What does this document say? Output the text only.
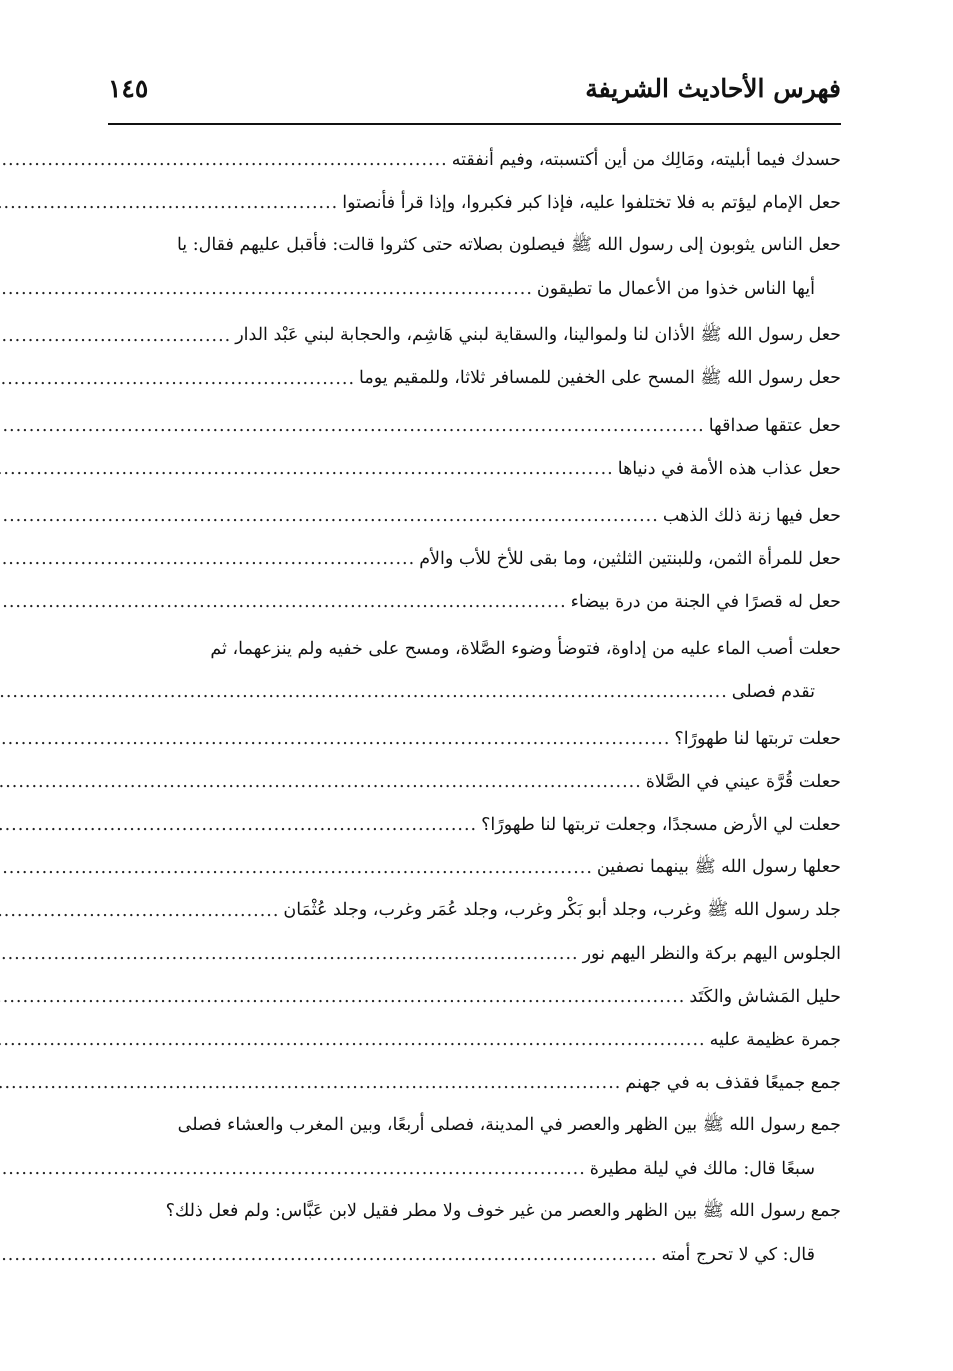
فهرس الأحاديث الشريفة
١٤٥
حسدك فيما أبليته، ومَالِك من أين أكتسبته، وفيم أنفقته
.....
حعل الإمام ليؤتم به فلا تختلفوا عليه، فإذا كبر فكبروا، وإذا قرأ فأنصتوا
.....
حعل الناس يثوبون إلى رسول الله ﷺ فيصلون بصلاته حتى كثروا قالت: فأقبل عليهم فقال: يا
أيها الناس خذوا من الأعمال ما تطيقون
.....
حعل رسول الله ﷺ الأذان لنا ولموالينا، والسقاية لبني هَاشِم، والحجابة لبني عَبْد الدار
.....
حعل رسول الله ﷺ المسح على الخفين للمسافر ثلاثا، وللمقيم يوما
.....
حعل عتقها صداقها
.....
حعل عذاب هذه الأمة في دنياها
.....
حعل فيها زنة ذلك الذهب
.....
حعل للمرأة الثمن، وللبنتين الثلثين، وما بقى للأخ للأب والأم
.....
حعل له قصرًا في الجنة من درة بيضاء
.....
حعلت أصب الماء عليه من إداوة، فتوضأ وضوء الصَّلاة، ومسح على خفيه ولم ينزعهما، ثم
تقدم فصلى
.....
حعلت تربتها لنا طهورًا؟
.....
حعلت قُرَّة عيني في الصَّلاة
.....
حعلت لي الأرض مسجدًا، وجعلت تربتها لنا طهورًا؟
.....
حعلها رسول الله ﷺ بينهما نصفين
.....
جلد رسول الله ﷺ وغرب، وجلد أبو بَكْر وغرب، وجلد عُمَر وغرب، وجلد عُثْمَان
.....
الجلوس اليهم بركة والنظر اليهم نور
.....
حليل المَشاش والكَتَد
.....
جمرة عظيمة عليه
.....
جمع جميعًا فقذف به في جهنم
.....
جمع رسول الله ﷺ بين الظهر والعصر في المدينة، فصلى أربعًا، وبين المغرب والعشاء فصلى
سبعًا قال: مالك في ليلة مطيرة
.....
جمع رسول الله ﷺ بين الظهر والعصر من غير خوف ولا مطر فقيل لابن عَبَّاس: ولم فعل ذلك؟
قال: كي لا تحرج أمته
.....
